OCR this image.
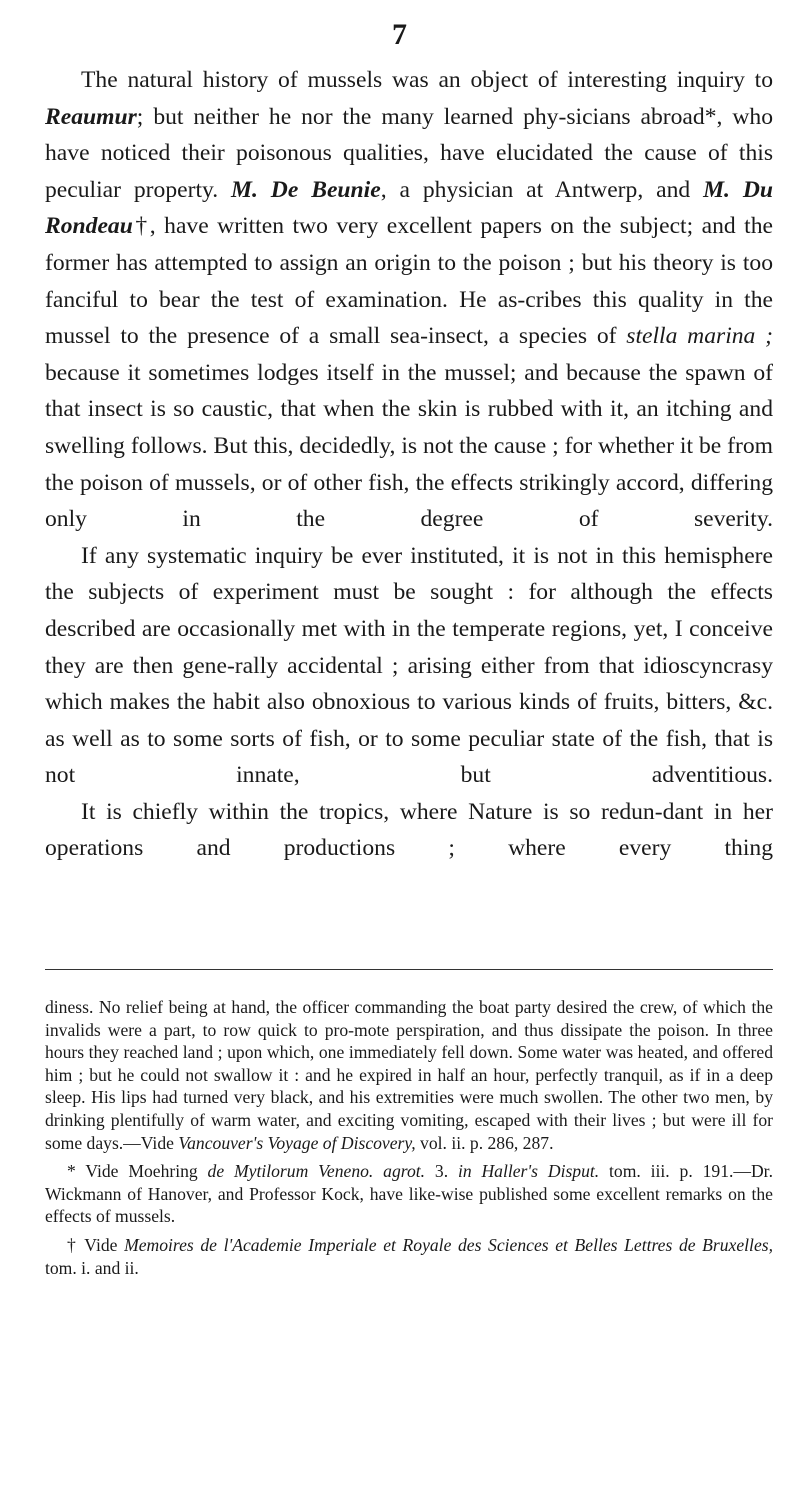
7

The natural history of mussels was an object of interesting inquiry to Reaumur; but neither he nor the many learned phy-sicians abroad*, who have noticed their poisonous qualities, have elucidated the cause of this peculiar property. M. De Beunie, a physician at Antwerp, and M. Du Rondeau†, have written two very excellent papers on the subject; and the former has attempted to assign an origin to the poison ; but his theory is too fanciful to bear the test of examination. He as-cribes this quality in the mussel to the presence of a small sea-insect, a species of stella marina ; because it sometimes lodges itself in the mussel; and because the spawn of that insect is so caustic, that when the skin is rubbed with it, an itching and swelling follows. But this, decidedly, is not the cause ; for whether it be from the poison of mussels, or of other fish, the effects strikingly accord, differing only in the degree of severity.

If any systematic inquiry be ever instituted, it is not in this hemisphere the subjects of experiment must be sought : for although the effects described are occasionally met with in the temperate regions, yet, I conceive they are then gene-rally accidental ; arising either from that idioscyncrasy which makes the habit also obnoxious to various kinds of fruits, bitters, &c. as well as to some sorts of fish, or to some peculiar state of the fish, that is not innate, but adventitious.

It is chiefly within the tropics, where Nature is so redun-dant in her operations and productions ; where every thing

diness. No relief being at hand, the officer commanding the boat party desired the crew, of which the invalids were a part, to row quick to pro-mote perspiration, and thus dissipate the poison. In three hours they reached land ; upon which, one immediately fell down. Some water was heated, and offered him ; but he could not swallow it : and he expired in half an hour, perfectly tranquil, as if in a deep sleep. His lips had turned very black, and his extremities were much swollen. The other two men, by drinking plentifully of warm water, and exciting vomiting, escaped with their lives ; but were ill for some days.—Vide Vancouver's Voyage of Discovery, vol. ii. p. 286, 287.

* Vide Moehring de Mytilorum Veneno. agrot. 3. in Haller's Disput. tom. iii. p. 191.—Dr. Wickmann of Hanover, and Professor Kock, have like-wise published some excellent remarks on the effects of mussels.

† Vide Memoires de l'Academie Imperiale et Royale des Sciences et Belles Lettres de Bruxelles, tom. i. and ii.
